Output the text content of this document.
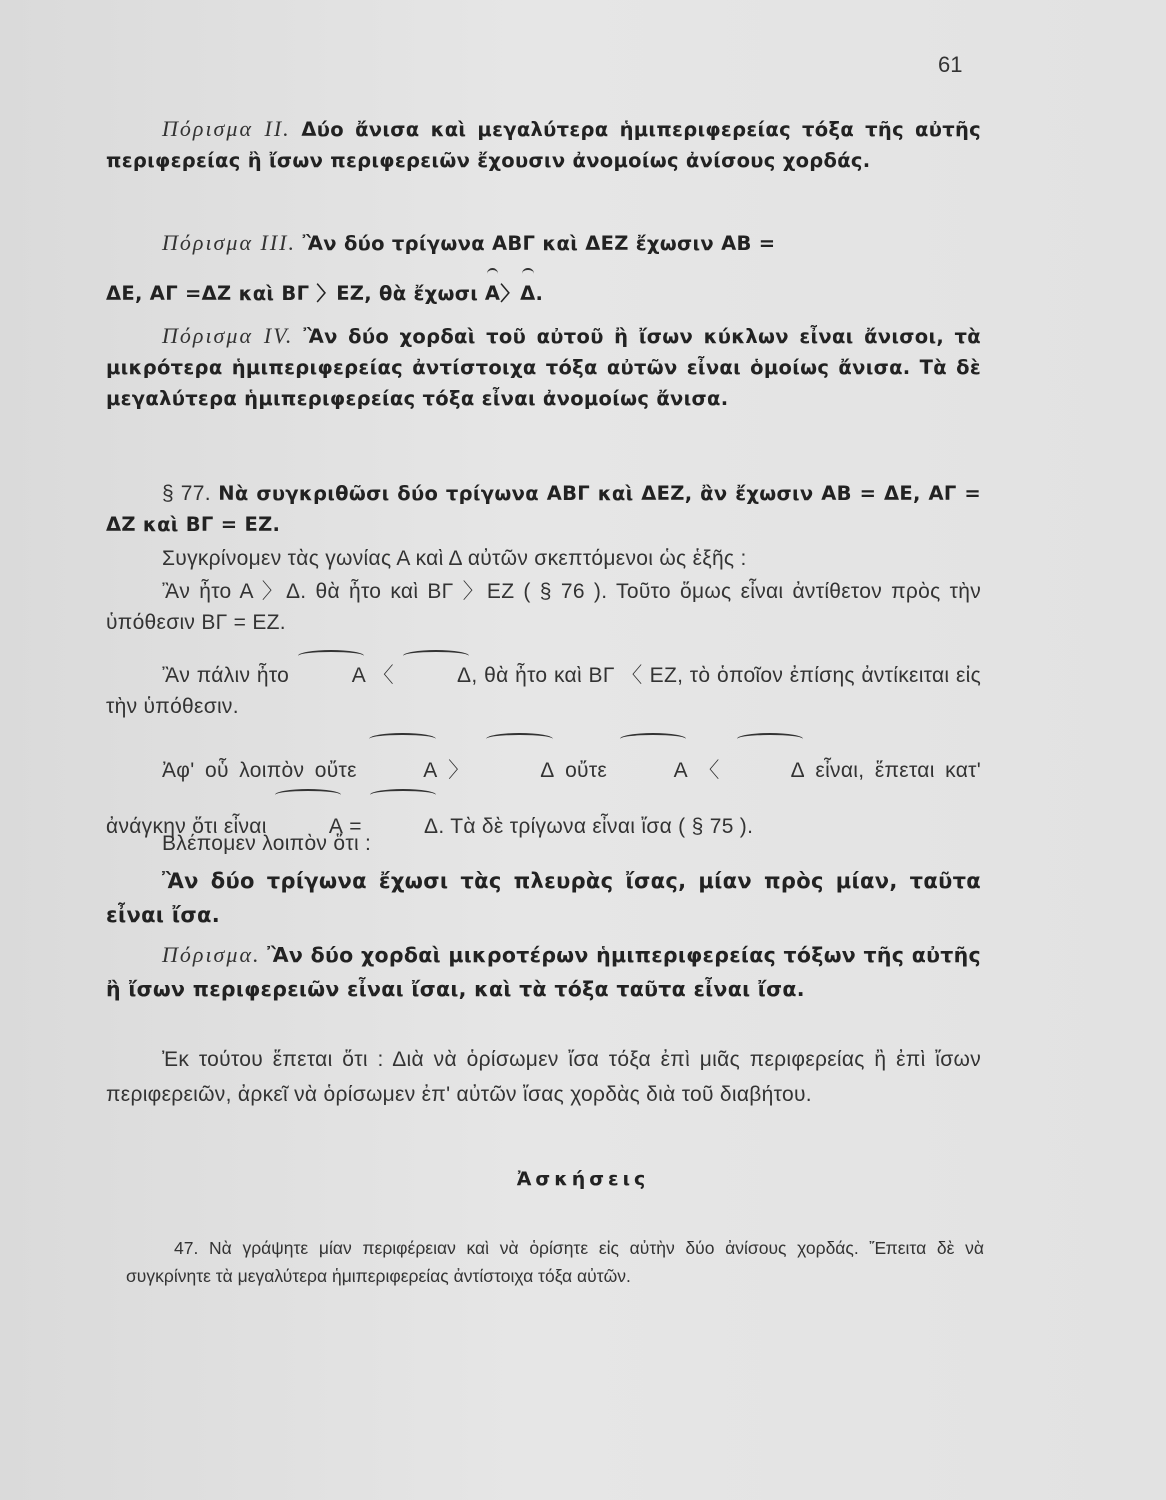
61
Πόρισμα ΙΙ. Δύο ἄνισα καὶ μεγαλύτερα ἡμιπεριφερείας τόξα τῆς αὐτῆς περιφερείας ἢ ἴσων περιφερειῶν ἔχουσιν ἀνομοίως ἀνίσους χορδάς.
Πόρισμα ΙΙΙ. Ἂν δύο τρίγωνα ΑΒΓ καὶ ΔΕΖ ἔχωσιν ΑΒ =
ΔΕ, ΑΓ =ΔΖ καὶ ΒΓ 〉ΕΖ, θὰ ἔχωσι Α〉Δ.
Πόρισμα ΙV. Ἂν δύο χορδαὶ τοῦ αὐτοῦ ἢ ἴσων κύκλων εἶναι ἄνισοι, τὰ μικρότερα ἡμιπεριφερείας ἀντίστοιχα τόξα αὐτῶν εἶναι ὁμοίως ἄνισα. Τὰ δὲ μεγαλύτερα ἡμιπεριφερείας τόξα εἶναι ἀνομοίως ἄνισα.
§ 77. Νὰ συγκριθῶσι δύο τρίγωνα ΑΒΓ καὶ ΔΕΖ, ἂν ἔχωσιν ΑΒ = ΔΕ, ΑΓ = ΔΖ καὶ ΒΓ = ΕΖ.
Συγκρίνομεν τὰς γωνίας Α καὶ Δ αὐτῶν σκεπτόμενοι ὡς ἑξῆς :
Ἂν ἦτο Α 〉Δ. θὰ ἦτο καὶ ΒΓ 〉ΕΖ ( § 76 ). Τοῦτο ὅμως εἶναι ἀντίθετον πρὸς τὴν ὑπόθεσιν ΒΓ = ΕΖ.
Ἂν πάλιν ἦτο	Α 〈	Δ, θὰ ἦτο καὶ ΒΓ 〈 ΕΖ, τὸ ὁποῖον ἐπίσης ἀντίκειται εἰς τὴν ὑπόθεσιν.
Ἀφ' οὗ λοιπὸν οὔτε	Α 〉	Δ οὔτε	Α 〈	Δ εἶναι, ἕπεται κατ' ἀνάγκην ὅτι εἶναι	Α =	Δ. Τὰ δὲ τρίγωνα εἶναι ἴσα ( § 75 ).
Βλέπομεν λοιπὸν ὅτι :
Ἂν δύο τρίγωνα ἔχωσι τὰς πλευρὰς ἴσας, μίαν πρὸς μίαν, ταῦτα εἶναι ἴσα.
Πόρισμα. Ἂν δύο χορδαὶ μικροτέρων ἡμιπεριφερείας τόξων τῆς αὐτῆς ἢ ἴσων περιφερειῶν εἶναι ἴσαι, καὶ τὰ τόξα ταῦτα εἶναι ἴσα.
Ἐκ τούτου ἕπεται ὅτι : Διὰ νὰ ὁρίσωμεν ἴσα τόξα ἐπὶ μιᾶς περιφερείας ἢ ἐπὶ ἴσων περιφερειῶν, ἀρκεῖ νὰ ὁρίσωμεν ἐπ' αὐτῶν ἴσας χορδὰς διὰ τοῦ διαβήτου.
Ἀσκήσεις
47. Νὰ γράψητε μίαν περιφέρειαν καὶ νὰ ὁρίσητε εἰς αὐτὴν δύο ἀνίσους χορδάς. Ἔπειτα δὲ νὰ συγκρίνητε τὰ μεγαλύτερα ἡμιπεριφερείας ἀντίστοιχα τόξα αὐτῶν.
